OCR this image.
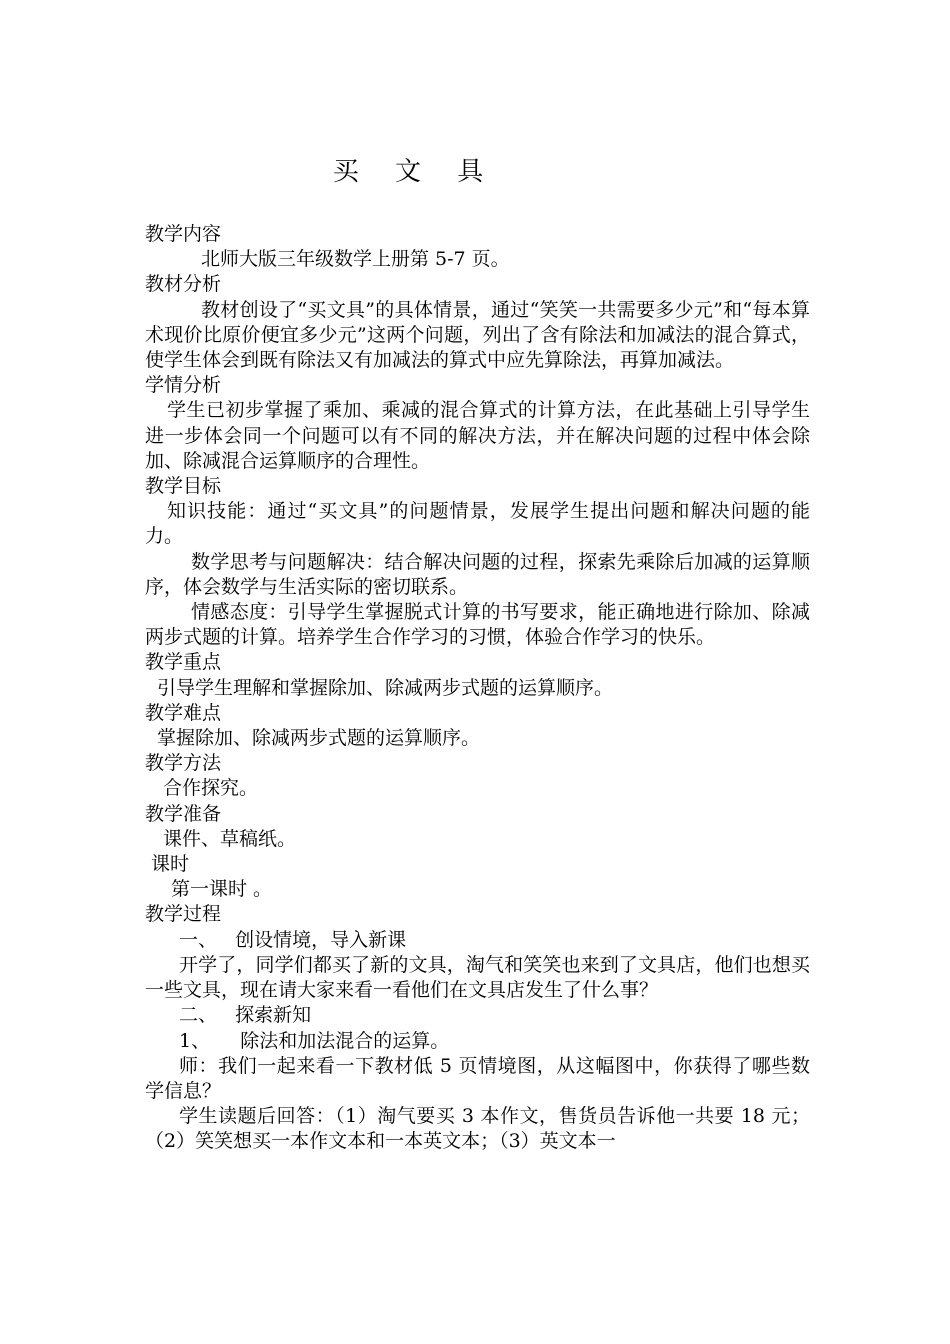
买 文 具

教学内容

北师大版三年级数学上册第 5-7 页。

教材分析

教材创设了“买文具”的具体情景，通过“笑笑一共需要多少元”和“每本算术现价比原价便宜多少元”这两个问题，列出了含有除法和加减法的混合算式，使学生体会到既有除法又有加减法的算式中应先算除法，再算加减法。

学情分析

学生已初步掌握了乘加、乘减的混合算式的计算方法，在此基础上引导学生进一步体会同一个问题可以有不同的解决方法，并在解决问题的过程中体会除加、除减混合运算顺序的合理性。

教学目标

知识技能：通过“买文具”的问题情景，发展学生提出问题和解决问题的能力。

数学思考与问题解决：结合解决问题的过程，探索先乘除后加减的运算顺序，体会数学与生活实际的密切联系。

情感态度：引导学生掌握脱式计算的书写要求，能正确地进行除加、除减两步式题的计算。培养学生合作学习的习惯，体验合作学习的快乐。

教学重点

引导学生理解和掌握除加、除减两步式题的运算顺序。

教学难点

掌握除加、除减两步式题的运算顺序。

教学方法

合作探究。

教学准备

课件、草稿纸。

课时

第一课时 。

教学过程

一、   创设情境，导入新课

开学了，同学们都买了新的文具，淘气和笑笑也来到了文具店，他们也想买一些文具，现在请大家来看一看他们在文具店发生了什么事？

二、   探索新知

1、     除法和加法混合的运算。

师：我们一起来看一下教材低 5 页情境图，从这幅图中，你获得了哪些数学信息？

学生读题后回答：（1）淘气要买 3 本作文，售货员告诉他一共要 18 元；（2）笑笑想买一本作文本和一本英文本；（3）英文本一
